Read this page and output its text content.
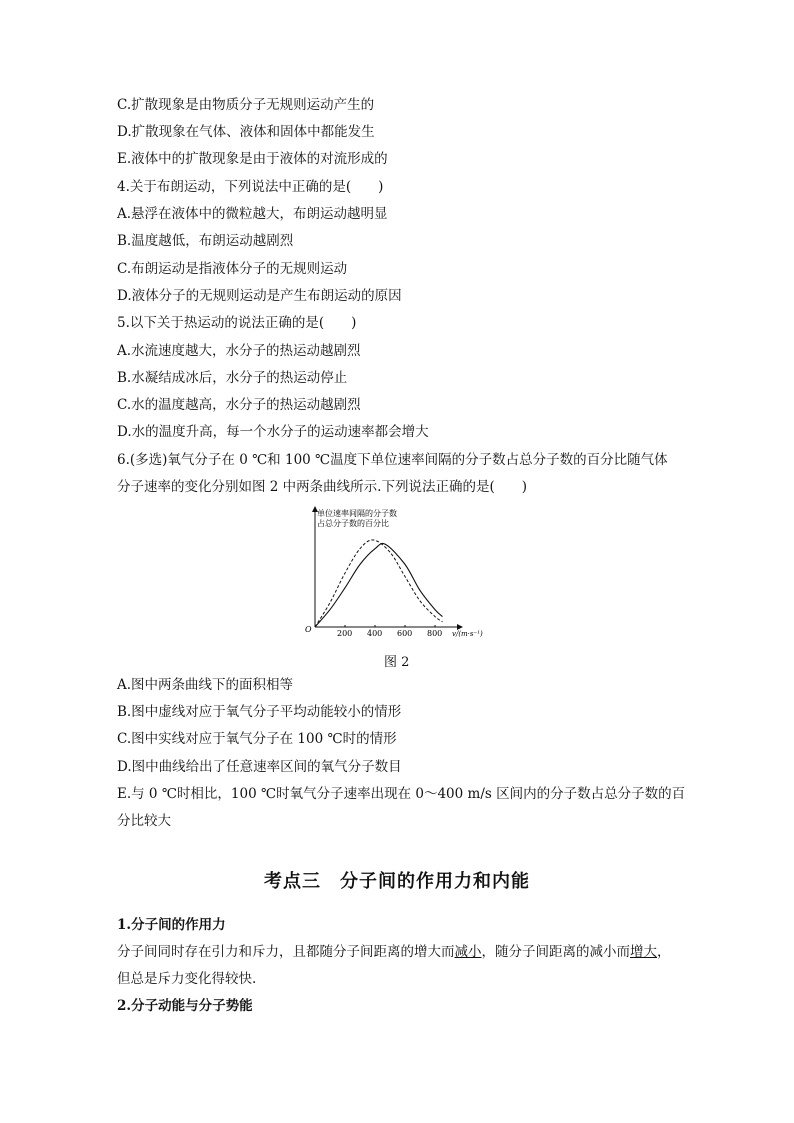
C.扩散现象是由物质分子无规则运动产生的
D.扩散现象在气体、液体和固体中都能发生
E.液体中的扩散现象是由于液体的对流形成的
4.关于布朗运动，下列说法中正确的是(　　)
A.悬浮在液体中的微粒越大，布朗运动越明显
B.温度越低，布朗运动越剧烈
C.布朗运动是指液体分子的无规则运动
D.液体分子的无规则运动是产生布朗运动的原因
5.以下关于热运动的说法正确的是(　　)
A.水流速度越大，水分子的热运动越剧烈
B.水凝结成冰后，水分子的热运动停止
C.水的温度越高，水分子的热运动越剧烈
D.水的温度升高，每一个水分子的运动速率都会增大
6.(多选)氧气分子在 0 ℃和 100 ℃温度下单位速率间隔的分子数占总分子数的百分比随气体
分子速率的变化分别如图 2 中两条曲线所示.下列说法正确的是(　　)
单位速率间隔的分子数
占总分子数的百分比
O	v/(m·s⁻¹)
200 400 600 800
图 2
A.图中两条曲线下的面积相等
B.图中虚线对应于氧气分子平均动能较小的情形
C.图中实线对应于氧气分子在 100 ℃时的情形
D.图中曲线给出了任意速率区间的氧气分子数目
E.与 0 ℃时相比，100 ℃时氧气分子速率出现在 0～400 m/s 区间内的分子数占总分子数的百
分比较大
考点三　分子间的作用力和内能
1.分子间的作用力
分子间同时存在引力和斥力，且都随分子间距离的增大而减小，随分子间距离的减小而增大，
但总是斥力变化得较快.
2.分子动能与分子势能
